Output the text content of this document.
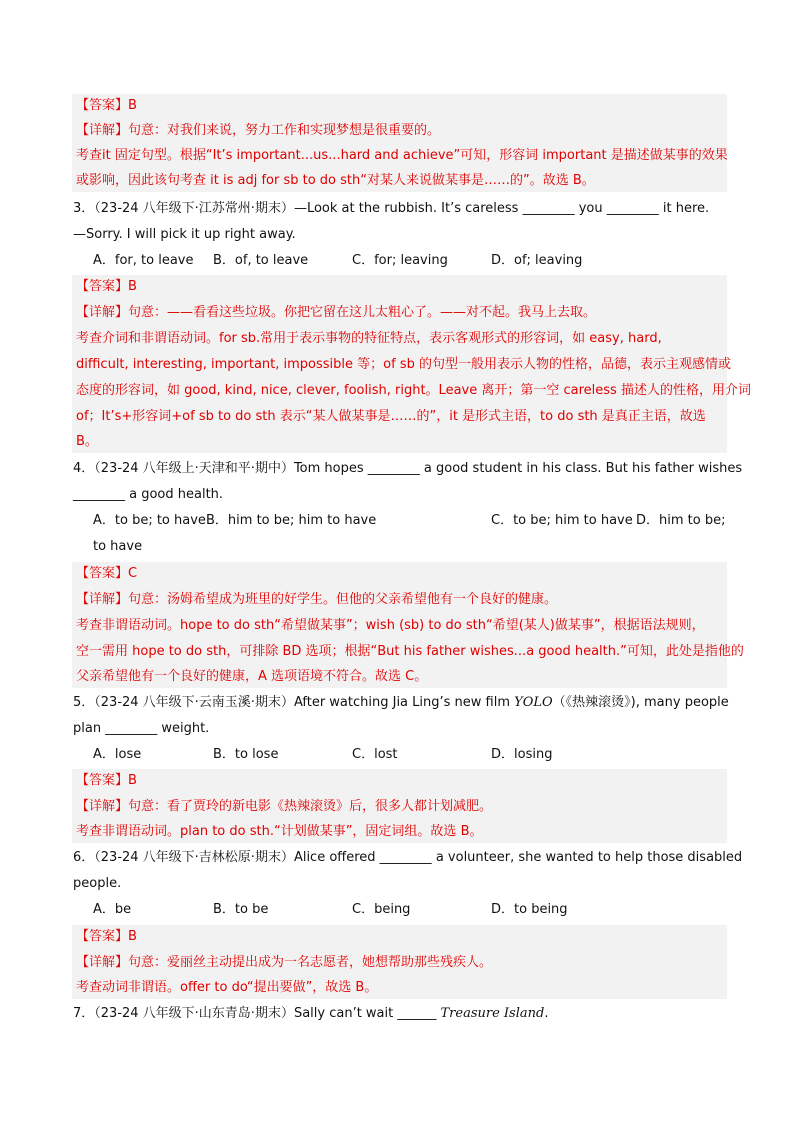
【答案】B
【详解】句意：对我们来说，努力工作和实现梦想是很重要的。
考查it 固定句型。根据“It’s important...us...hard and achieve”可知，形容词 important 是描述做某事的效果
或影响，因此该句考查 it is adj for sb to do sth“对某人来说做某事是……的”。故选 B。
3．（23-24 八年级下·江苏常州·期末）—Look at the rubbish. It’s careless ________ you ________ it here.
—Sorry. I will pick it up right away.
A．for, to leave B．of, to leave	C．for; leaving	D．of; leaving
【答案】B
【详解】句意：——看看这些垃圾。你把它留在这儿太粗心了。——对不起。我马上去取。
考查介词和非谓语动词。for sb.常用于表示事物的特征特点，表示客观形式的形容词，如 easy, hard,
difficult, interesting, important, impossible 等；of sb 的句型一般用表示人物的性格，品德，表示主观感情或
态度的形容词，如 good, kind, nice, clever, foolish, right。Leave 离开；第一空 careless 描述人的性格，用介词
of；It’s+形容词+of sb to do sth 表示“某人做某事是……的”，it 是形式主语，to do sth 是真正主语，故选
B。
4．（23-24 八年级上·天津和平·期中）Tom hopes ________ a good student in his class. But his father wishes
________ a good health.
A．to be; to have B．him to be; him to have	C．to be; him to have D．him to be;
to have
【答案】C
【详解】句意：汤姆希望成为班里的好学生。但他的父亲希望他有一个良好的健康。
考查非谓语动词。hope to do sth“希望做某事”；wish (sb) to do sth“希望(某人)做某事”，根据语法规则，
空一需用 hope to do sth，可排除 BD 选项；根据“But his father wishes...a good health.”可知，此处是指他的
父亲希望他有一个良好的健康，A 选项语境不符合。故选 C。
5．（23-24 八年级下·云南玉溪·期末）After watching Jia Ling’s new film YOLO（《热辣滚烫》), many people
plan ________ weight.
A．lose	B．to lose	C．lost	D．losing
【答案】B
【详解】句意：看了贾玲的新电影《热辣滚烫》后，很多人都计划减肥。
考查非谓语动词。plan to do sth.“计划做某事”，固定词组。故选 B。
6．（23-24 八年级下·吉林松原·期末）Alice offered ________ a volunteer, she wanted to help those disabled
people.
A．be	B．to be	C．being	D．to being
【答案】B
【详解】句意：爱丽丝主动提出成为一名志愿者，她想帮助那些残疾人。
考查动词非谓语。offer to do“提出要做”，故选 B。
7．（23-24 八年级下·山东青岛·期末）Sally can’t wait ______ Treasure Island.
